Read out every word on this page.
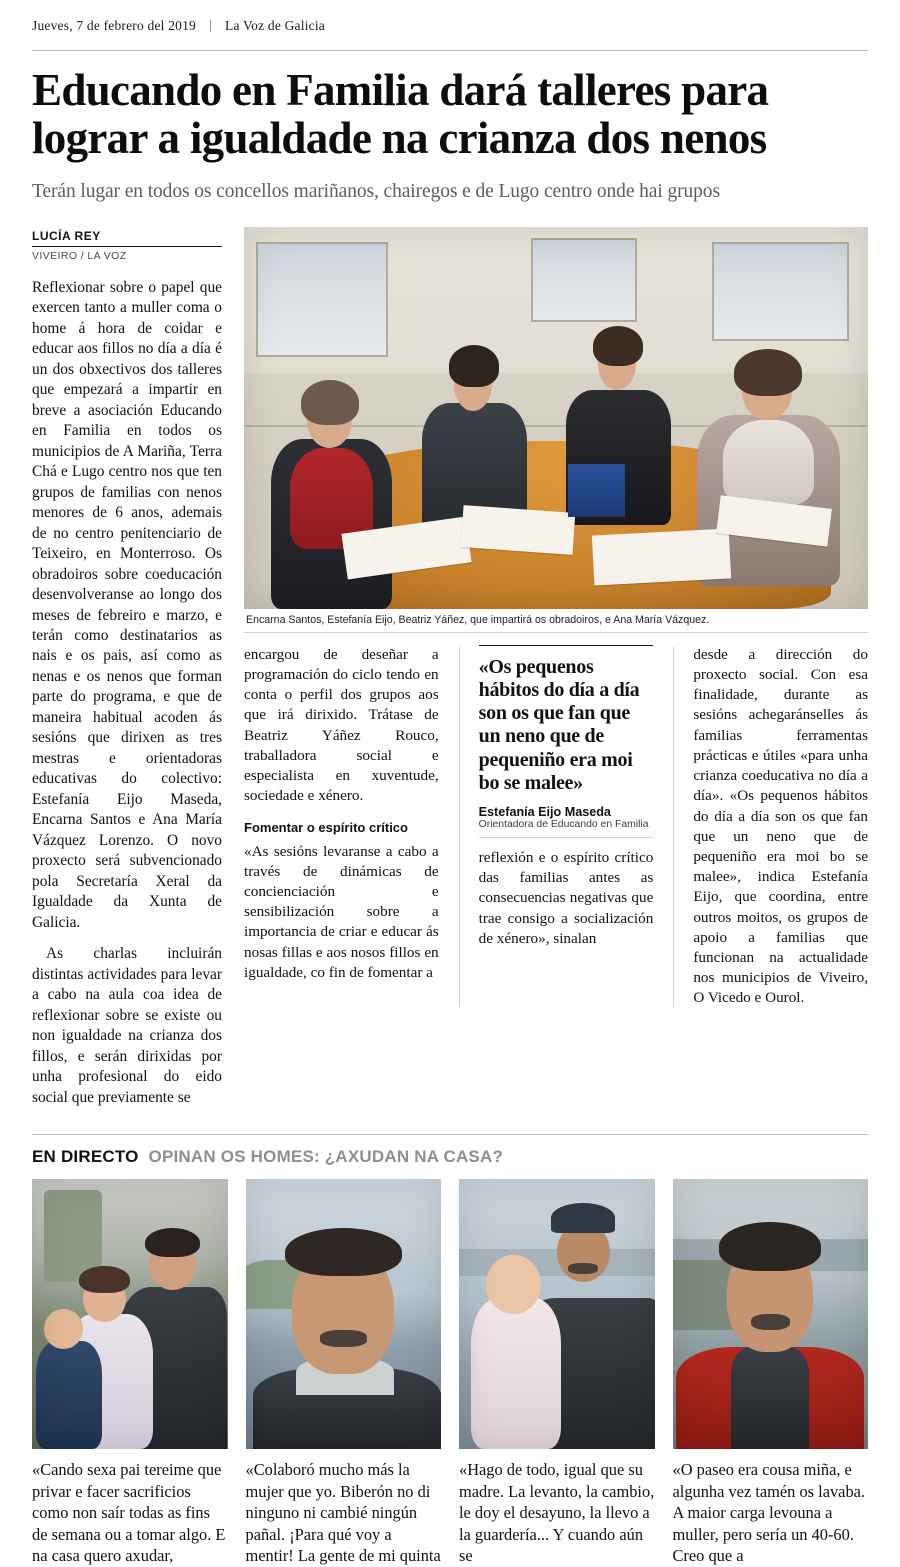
Jueves, 7 de febrero del 2019	La Voz de Galicia
Educando en Familia dará talleres para lograr a igualdade na crianza dos nenos
Terán lugar en todos os concellos mariñanos, chairegos e de Lugo centro onde hai grupos
LUCÍA REY
VIVEIRO / LA VOZ

Reflexionar sobre o papel que exercen tanto a muller coma o home á hora de coidar e educar aos fillos no día a día é un dos obxectivos dos talleres que empezará a impartir en breve a asociación Educando en Familia en todos os municipios de A Mariña, Terra Chá e Lugo centro nos que ten grupos de familias con nenos menores de 6 anos, ademais de no centro penitenciario de Teixeiro, en Monterroso. Os obradoiros sobre coeducación desenvolveranse ao longo dos meses de febreiro e marzo, e terán como destinatarios as nais e os pais, así como as nenas e os nenos que forman parte do programa, e que de maneira habitual acoden ás sesións que dirixen as tres mestras e orientadoras educativas do colectivo: Estefanía Eijo Maseda, Encarna Santos e Ana María Vázquez Lorenzo. O novo proxecto será subvencionado pola Secretaría Xeral da Igualdade da Xunta de Galicia.

As charlas incluirán distintas actividades para levar a cabo na aula coa idea de reflexionar sobre se existe ou non igualdade na crianza dos fillos, e serán dirixidas por unha profesional do eido social que previamente se

Encarna Santos, Estefanía Eijo, Beatriz Yáñez, que impartirá os obradoiros, e Ana María Vázquez.

encargou de deseñar a programación do ciclo tendo en conta o perfil dos grupos aos que irá dirixido. Trátase de Beatriz Yáñez Rouco, traballadora social e especialista en xuventude, sociedade e xénero.

Fomentar o espírito crítico

«As sesións levaranse a cabo a través de dinámicas de concienciación e sensibilización sobre a importancia de criar e educar ás nosas fillas e aos nosos fillos en igualdade, co fin de fomentar a

«Os pequenos hábitos do día a día son os que fan que un neno que de pequeniño era moi bo se malee»
Estefanía Eijo Maseda
Orientadora de Educando en Familia

reflexión e o espírito crítico das familias antes as consecuencias negativas que trae consigo a socialización de xénero», sinalan

desde a dirección do proxecto social. Con esa finalidade, durante as sesións achegaránselles ás familias ferramentas prácticas e útiles «para unha crianza coeducativa no día a día». «Os pequenos hábitos do día a día son os que fan que un neno que de pequeniño era moi bo se malee», indica Estefanía Eijo, que coordina, entre outros moitos, os grupos de apoio a familias que funcionan na actualidade nos municipios de Viveiro, O Vicedo e Ourol.

EN DIRECTO OPINAN OS HOMES: ¿AXUDAN NA CASA?
«Cando sexa pai tereime que privar e facer sacrificios como non saír todas as fins de semana ou a tomar algo. E na casa quero axudar,
«Colaboró mucho más la mujer que yo. Biberón no di ninguno ni cambié ningún pañal. ¡Para qué voy a mentir! La gente de mi quinta
«Hago de todo, igual que su madre. La levanto, la cambio, le doy el desayuno, la llevo a la guardería... Y cuando aún se
«O paseo era cousa miña, e algunha vez tamén os lavaba. A maior carga levouna a muller, pero sería un 40-60. Creo que a
